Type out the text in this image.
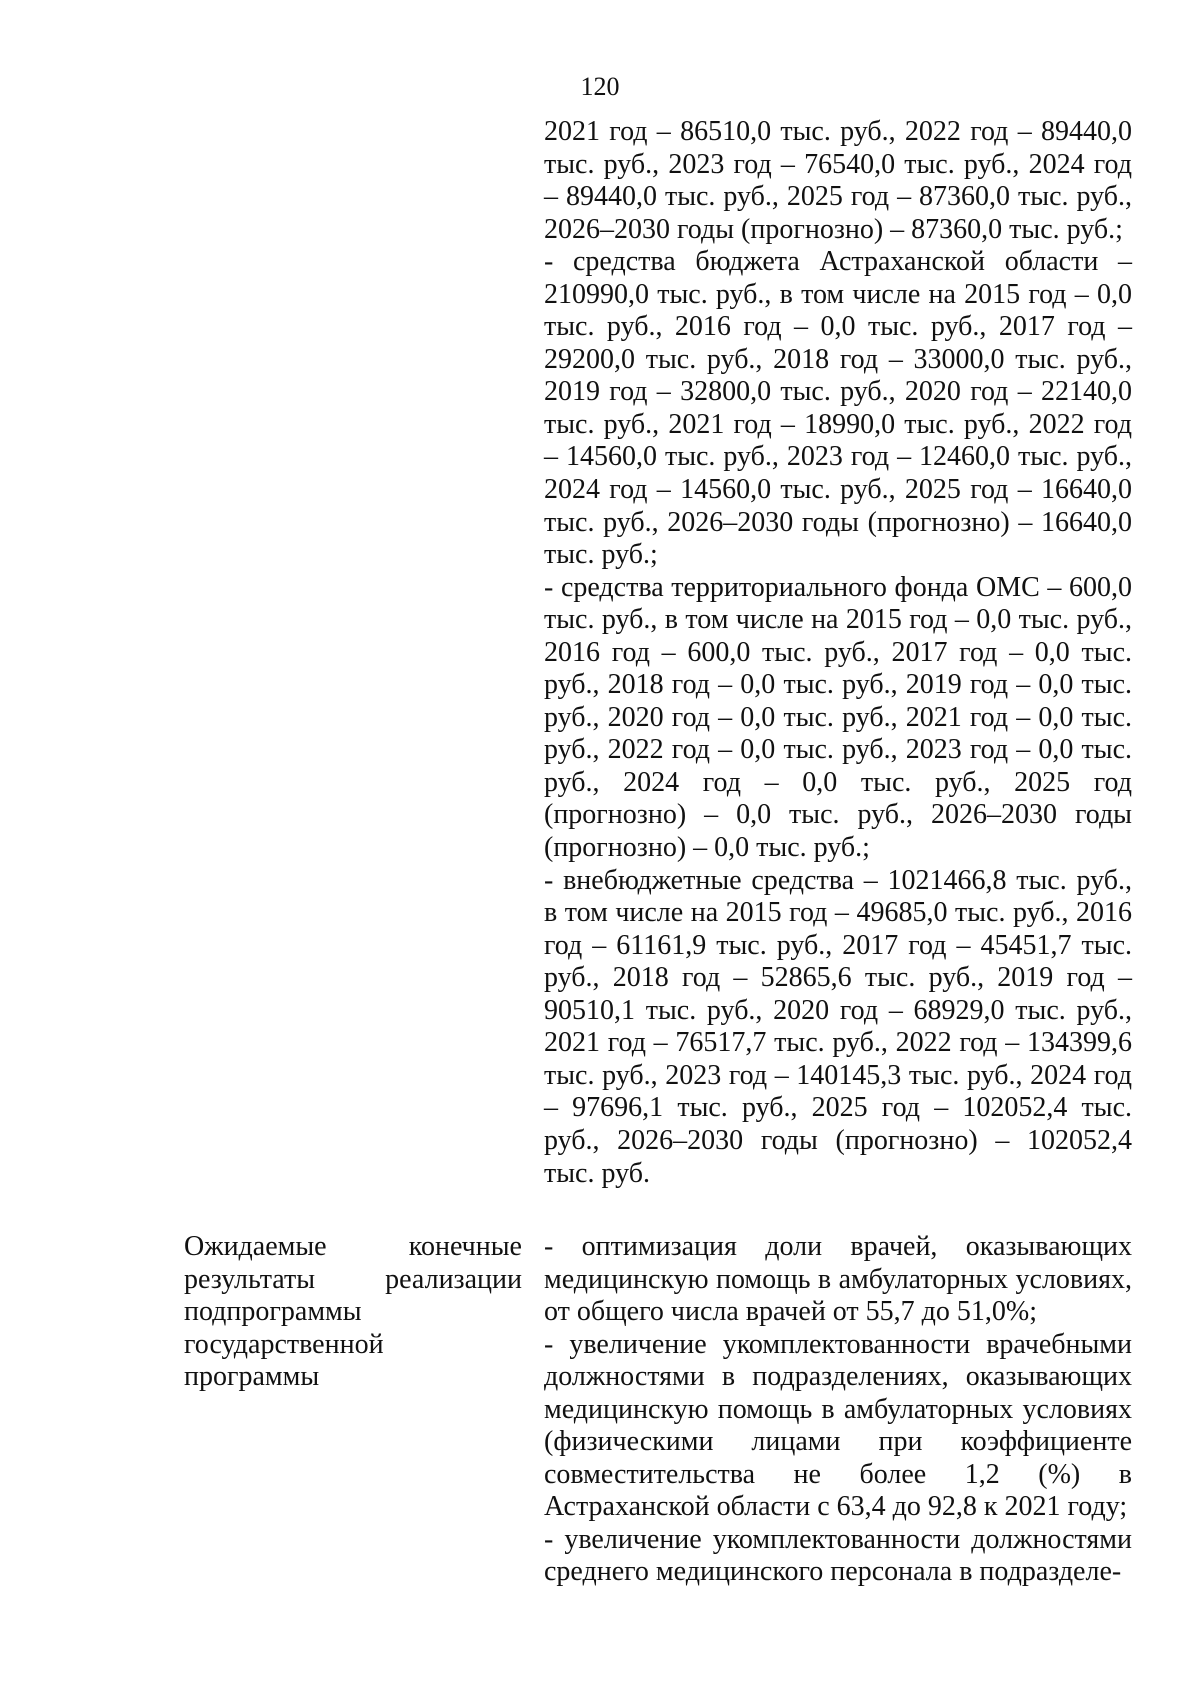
120

2021 год – 86510,0 тыс. руб., 2022 год – 89440,0 тыс. руб., 2023 год – 76540,0 тыс. руб., 2024 год – 89440,0 тыс. руб., 2025 год – 87360,0 тыс. руб., 2026–2030 годы (прогнозно) – 87360,0 тыс. руб.;

- средства бюджета Астраханской области – 210990,0 тыс. руб., в том числе на 2015 год – 0,0 тыс. руб., 2016 год – 0,0 тыс. руб., 2017 год – 29200,0 тыс. руб., 2018 год – 33000,0 тыс. руб., 2019 год – 32800,0 тыс. руб., 2020 год – 22140,0 тыс. руб., 2021 год – 18990,0 тыс. руб., 2022 год – 14560,0 тыс. руб., 2023 год – 12460,0 тыс. руб., 2024 год – 14560,0 тыс. руб., 2025 год – 16640,0 тыс. руб., 2026–2030 годы (прогнозно) – 16640,0 тыс. руб.;

- средства территориального фонда ОМС – 600,0 тыс. руб., в том числе на 2015 год – 0,0 тыс. руб., 2016 год – 600,0 тыс. руб., 2017 год – 0,0 тыс. руб., 2018 год – 0,0 тыс. руб., 2019 год – 0,0 тыс. руб., 2020 год – 0,0 тыс. руб., 2021 год – 0,0 тыс. руб., 2022 год – 0,0 тыс. руб., 2023 год – 0,0 тыс. руб., 2024 год – 0,0 тыс. руб., 2025 год (прогнозно) – 0,0 тыс. руб., 2026–2030 годы (прогнозно) – 0,0 тыс. руб.;

- внебюджетные средства – 1021466,8 тыс. руб., в том числе на 2015 год – 49685,0 тыс. руб., 2016 год – 61161,9 тыс. руб., 2017 год – 45451,7 тыс. руб., 2018 год – 52865,6 тыс. руб., 2019 год – 90510,1 тыс. руб., 2020 год – 68929,0 тыс. руб., 2021 год – 76517,7 тыс. руб., 2022 год – 134399,6 тыс. руб., 2023 год – 140145,3 тыс. руб., 2024 год – 97696,1 тыс. руб., 2025 год – 102052,4 тыс. руб., 2026–2030 годы (прогнозно) – 102052,4 тыс. руб.

Ожидаемые конечные результаты реализации подпрограммы государственной программы

- оптимизация доли врачей, оказывающих медицинскую помощь в амбулаторных условиях, от общего числа врачей от 55,7 до 51,0%;

- увеличение укомплектованности врачебными должностями в подразделениях, оказывающих медицинскую помощь в амбулаторных условиях (физическими лицами при коэффициенте совместительства не более 1,2 (%) в Астраханской области с 63,4 до 92,8 к 2021 году;

- увеличение укомплектованности должностями среднего медицинского персонала в подразделе-
